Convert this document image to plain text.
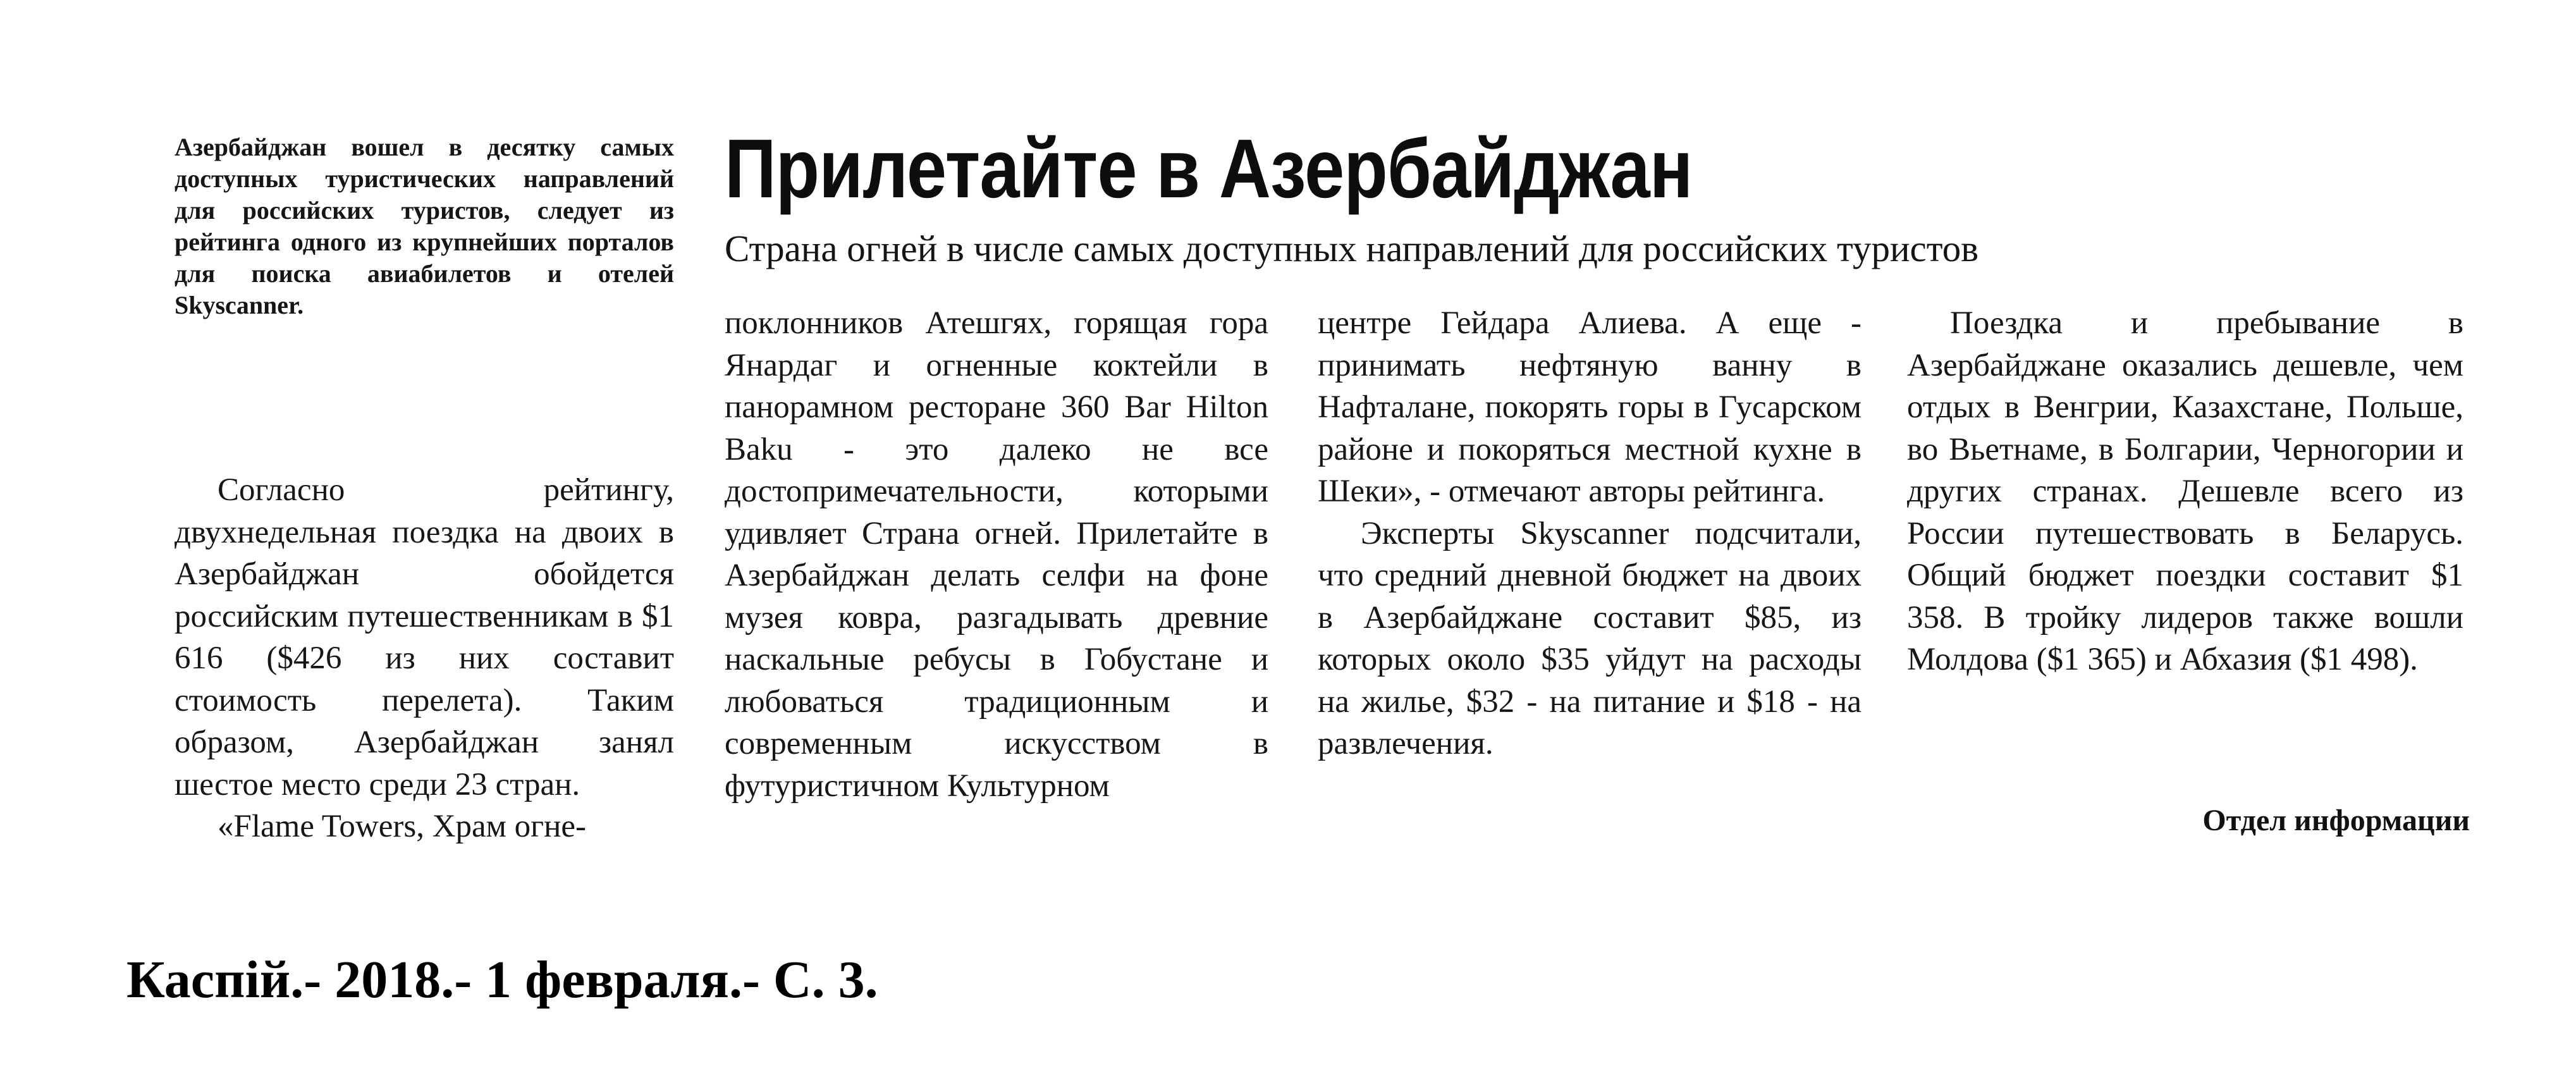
Азербайджан вошел в десятку самых доступных туристических направлений для российских туристов, следует из рейтинга одного из крупнейших порталов для поиска авиабилетов и отелей Skyscanner.
Прилетайте в Азербайджан
Страна огней в числе самых доступных направлений для российских туристов

Согласно рейтингу, двухнедельная поездка на двоих в Азербайджан обойдется российским путешественникам в $1 616 ($426 из них составит стоимость перелета). Таким образом, Азербайджан занял шестое место среди 23 стран.

«Flame Towers, Храм огне-

поклонников Атешгях, горящая гора Янардаг и огненные коктейли в панорамном ресторане 360 Bar Hilton Baku - это далеко не все достопримечательности, которыми удивляет Страна огней. Прилетайте в Азербайджан делать селфи на фоне музея ковра, разгадывать древние наскальные ребусы в Гобустане и любоваться традиционным и современным искусством в футуристичном Культурном

центре Гейдара Алиева. А еще - принимать нефтяную ванну в Нафталане, покорять горы в Гусарском районе и покоряться местной кухне в Шеки», - отмечают авторы рейтинга.

Эксперты Skyscanner подсчитали, что средний дневной бюджет на двоих в Азербайджане составит $85, из которых около $35 уйдут на расходы на жилье, $32 - на питание и $18 - на развлечения.

Поездка и пребывание в Азербайджане оказались дешевле, чем отдых в Венгрии, Казахстане, Польше, во Вьетнаме, в Болгарии, Черногории и других странах. Дешевле всего из России путешествовать в Беларусь. Общий бюджет поездки составит $1 358. В тройку лидеров также вошли Молдова ($1 365) и Абхазия ($1 498).

Отдел информации
Каспiй.- 2018.- 1 февраля.- С. 3.
